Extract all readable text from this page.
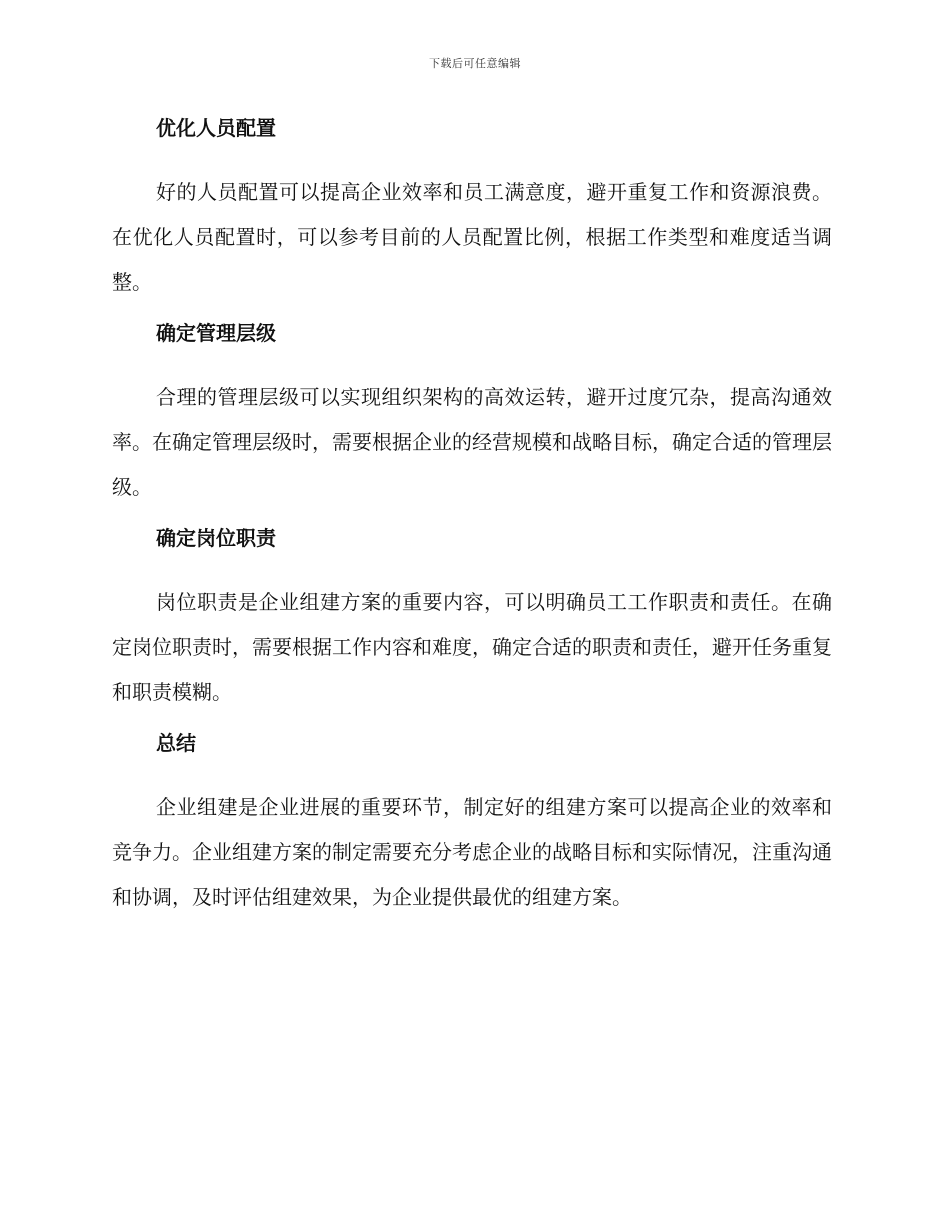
下载后可任意编辑
优化人员配置

好的人员配置可以提高企业效率和员工满意度，避开重复工作和资源浪费。在优化人员配置时，可以参考目前的人员配置比例，根据工作类型和难度适当调整。

确定管理层级

合理的管理层级可以实现组织架构的高效运转，避开过度冗杂，提高沟通效率。在确定管理层级时，需要根据企业的经营规模和战略目标，确定合适的管理层级。

确定岗位职责

岗位职责是企业组建方案的重要内容，可以明确员工工作职责和责任。在确定岗位职责时，需要根据工作内容和难度，确定合适的职责和责任，避开任务重复和职责模糊。

总结

企业组建是企业进展的重要环节，制定好的组建方案可以提高企业的效率和竞争力。企业组建方案的制定需要充分考虑企业的战略目标和实际情况，注重沟通和协调，及时评估组建效果，为企业提供最优的组建方案。
